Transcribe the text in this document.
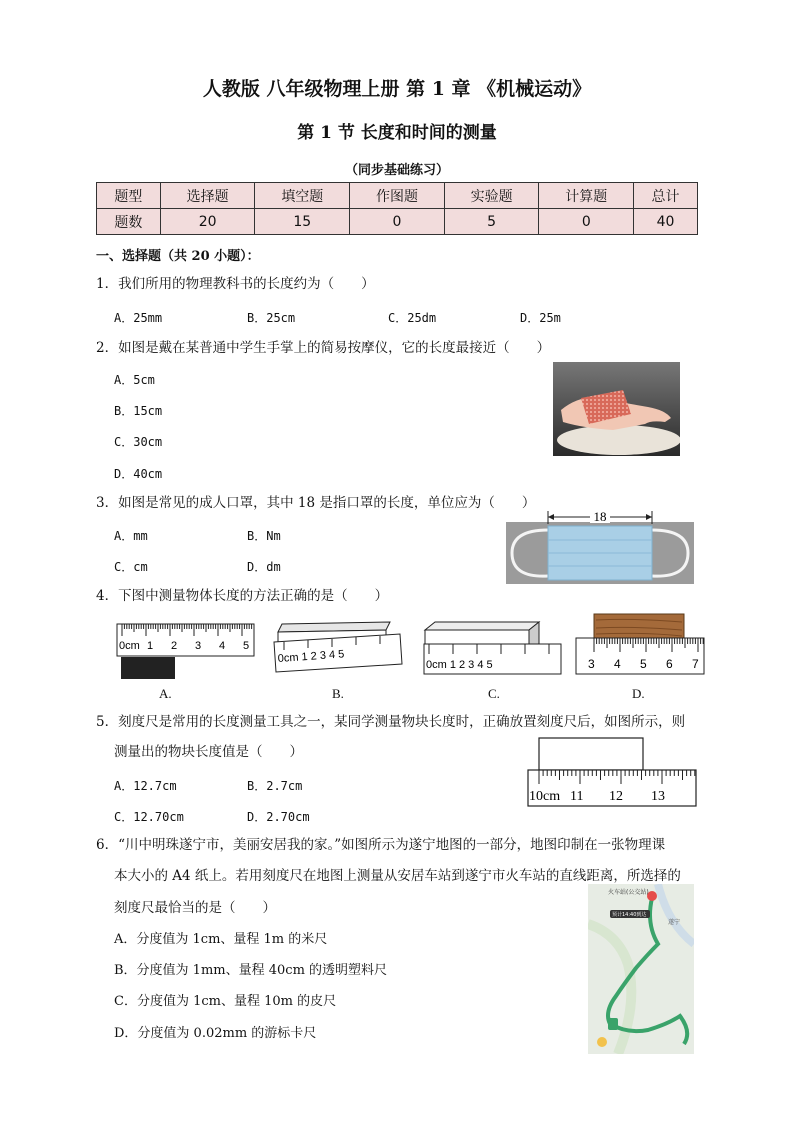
人教版 八年级物理上册 第 1 章 《机械运动》
第 1 节 长度和时间的测量
（同步基础练习）
题型	选择题	填空题	作图题	实验题	计算题	总计
题数	20	15	0	5	0	40
一、选择题（共 20 小题）：
1．我们所用的物理教科书的长度约为（　　）
A．25mm	B．25cm	C．25dm	D．25m
2．如图是戴在某普通中学生手掌上的简易按摩仪，它的长度最接近（　　）
A．5cm
B．15cm
C．30cm
D．40cm
3．如图是常见的成人口罩，其中 18 是指口罩的长度，单位应为（　　）
A．mm	B．Nm
C．cm	D．dm
18
4．下图中测量物体长度的方法正确的是（　　）
0cm 1 2 3 4 5
0cm 1 2 3 4 5
0cm 1 2 3 4 5	3 4 5 6 7
A.	B.	C.	D.
5．刻度尺是常用的长度测量工具之一，某同学测量物块长度时，正确放置刻度尺后，如图所示，则
测量出的物块长度值是（　　）
A．12.7cm	B．2.7cm
C．12.70cm	D．2.70cm
10cm 11 12 13
6．“川中明珠遂宁市，美丽安居我的家。”如图所示为遂宁地图的一部分，地图印制在一张物理课
本大小的 A4 纸上。若用刻度尺在地图上测量从安居车站到遂宁市火车站的直线距离，所选择的
刻度尺最恰当的是（　　）
A．分度值为 1cm、量程 1m 的米尺
B．分度值为 1mm、量程 40cm 的透明塑料尺
C．分度值为 1cm、量程 10m 的皮尺
D．分度值为 0.02mm 的游标卡尺
火车站(公交站)
预计14:40到达
遂宁
